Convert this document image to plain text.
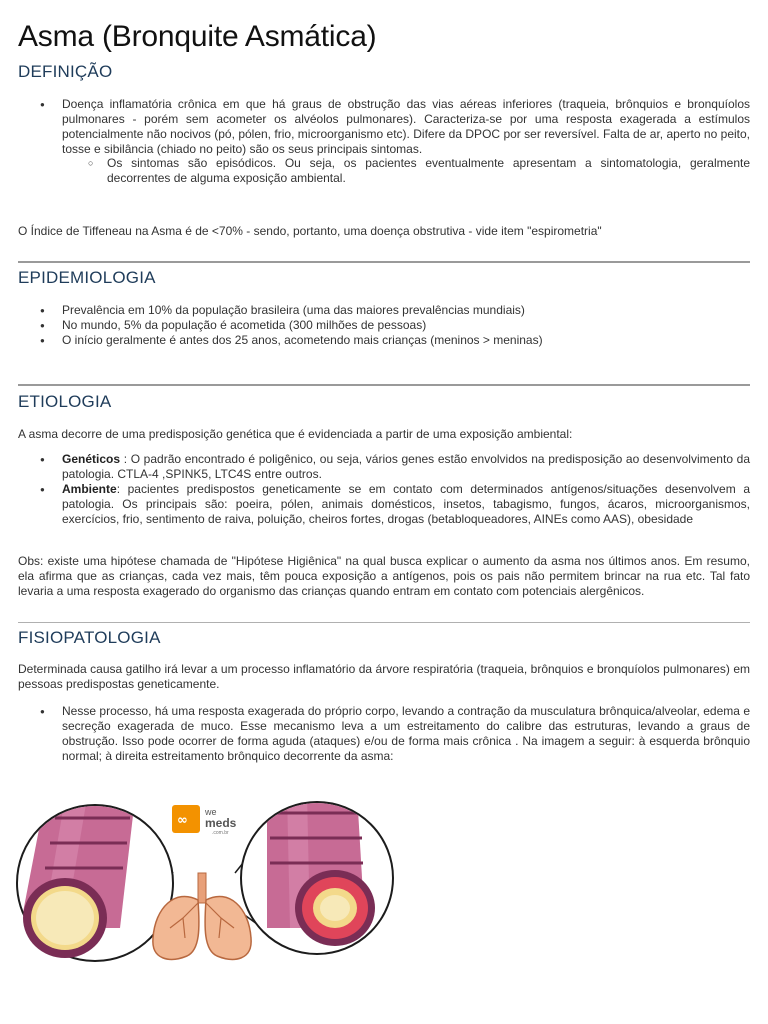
Asma (Bronquite Asmática)
DEFINIÇÃO
● Doença inflamatória crônica em que há graus de obstrução das vias aéreas inferiores (traqueia, brônquios e bronquíolos pulmonares - porém sem acometer os alvéolos pulmonares). Caracteriza-se por uma resposta exagerada a estímulos potencialmente não nocivos (pó, pólen, frio, microorganismo etc). Difere da DPOC por ser reversível. Falta de ar, aperto no peito, tosse e sibilância (chiado no peito) são os seus principais sintomas.
○ Os sintomas são episódicos. Ou seja, os pacientes eventualmente apresentam a sintomatologia, geralmente decorrentes de alguma exposição ambiental.

O Índice de Tiffeneau na Asma é de <70% - sendo, portanto, uma doença obstrutiva - vide item "espirometria"

EPIDEMIOLOGIA
● Prevalência em 10% da população brasileira (uma das maiores prevalências mundiais)
● No mundo, 5% da população é acometida (300 milhões de pessoas)
● O início geralmente é antes dos 25 anos, acometendo mais crianças (meninos > meninas)
ETIOLOGIA

A asma decorre de uma predisposição genética que é evidenciada a partir de uma exposição ambiental:

● Genéticos : O padrão encontrado é poligênico, ou seja, vários genes estão envolvidos na predisposição ao desenvolvimento da patologia. CTLA-4 ,SPINK5, LTC4S entre outros.
● Ambiente: pacientes predispostos geneticamente se em contato com determinados antígenos/situações desenvolvem a patologia. Os principais são: poeira, pólen, animais domésticos, insetos, tabagismo, fungos, ácaros, microorganismos, exercícios, frio, sentimento de raiva, poluição, cheiros fortes, drogas (betabloqueadores, AINEs como AAS), obesidade

Obs: existe uma hipótese chamada de "Hipótese Higiênica" na qual busca explicar o aumento da asma nos últimos anos. Em resumo, ela afirma que as crianças, cada vez mais, têm pouca exposição a antígenos, pois os pais não permitem brincar na rua etc. Tal fato levaria a uma resposta exagerado do organismo das crianças quando entram em contato com potenciais alergênicos.

FISIOPATOLOGIA

Determinada causa gatilho irá levar a um processo inflamatório da árvore respiratória (traqueia, brônquios e bronquíolos pulmonares) em pessoas predispostas geneticamente.

● Nesse processo, há uma resposta exagerada do próprio corpo, levando a contração da musculatura brônquica/alveolar, edema e secreção exagerada de muco. Esse mecanismo leva a um estreitamento do calibre das estruturas, levando a graus de obstrução. Isso pode ocorrer de forma aguda (ataques) e/ou de forma mais crônica . Na imagem a seguir: à esquerda brônquio normal; à direita estreitamento brônquico decorrente da asma:
∞
we
meds
.com.br
